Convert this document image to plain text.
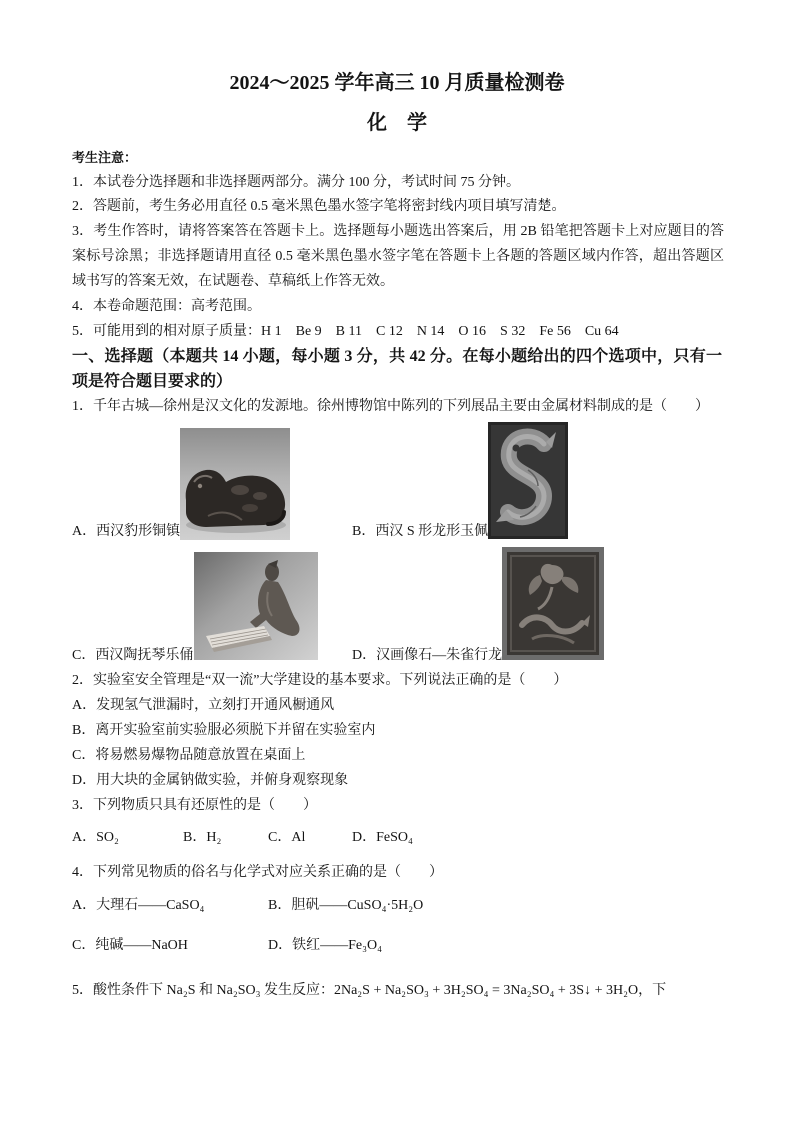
2024～2025 学年高三 10 月质量检测卷
化　学
考生注意：
1．本试卷分选择题和非选择题两部分。满分 100 分，考试时间 75 分钟。
2．答题前，考生务必用直径 0.5 毫米黑色墨水签字笔将密封线内项目填写清楚。
3．考生作答时，请将答案答在答题卡上。选择题每小题选出答案后，用 2B 铅笔把答题卡上对应题目的答案标号涂黑；非选择题请用直径 0.5 毫米黑色墨水签字笔在答题卡上各题的答题区域内作答，超出答题区域书写的答案无效，在试题卷、草稿纸上作答无效。
4．本卷命题范围：高考范围。
5．可能用到的相对原子质量：H 1　Be 9　B 11　C 12　N 14　O 16　S 32　Fe 56　Cu 64
一、选择题（本题共 14 小题，每小题 3 分，共 42 分。在每小题给出的四个选项中，只有一项是符合题目要求的）
1．千年古城—徐州是汉文化的发源地。徐州博物馆中陈列的下列展品主要由金属材料制成的是（　　）
A．西汉豹形铜镇	B．西汉 S 形龙形玉佩
C．西汉陶抚琴乐俑	D．汉画像石—朱雀行龙
2．实验室安全管理是“双一流”大学建设的基本要求。下列说法正确的是（　　）
A．发现氢气泄漏时，立刻打开通风橱通风
B．离开实验室前实验服必须脱下并留在实验室内
C．将易燃易爆物品随意放置在桌面上
D．用大块的金属钠做实验，并俯身观察现象
3．下列物质只具有还原性的是（　　）
A．SO₂	B．H₂	C．Al	D．FeSO₄
4．下列常见物质的俗名与化学式对应关系正确的是（　　）
A．大理石——CaSO₄	B．胆矾——CuSO₄·5H₂O
C．纯碱——NaOH	D．铁红——Fe₃O₄
5．酸性条件下 Na₂S 和 Na₂SO₃ 发生反应：2Na₂S + Na₂SO₃ + 3H₂SO₄ = 3Na₂SO₄ + 3S↓ + 3H₂O，下
